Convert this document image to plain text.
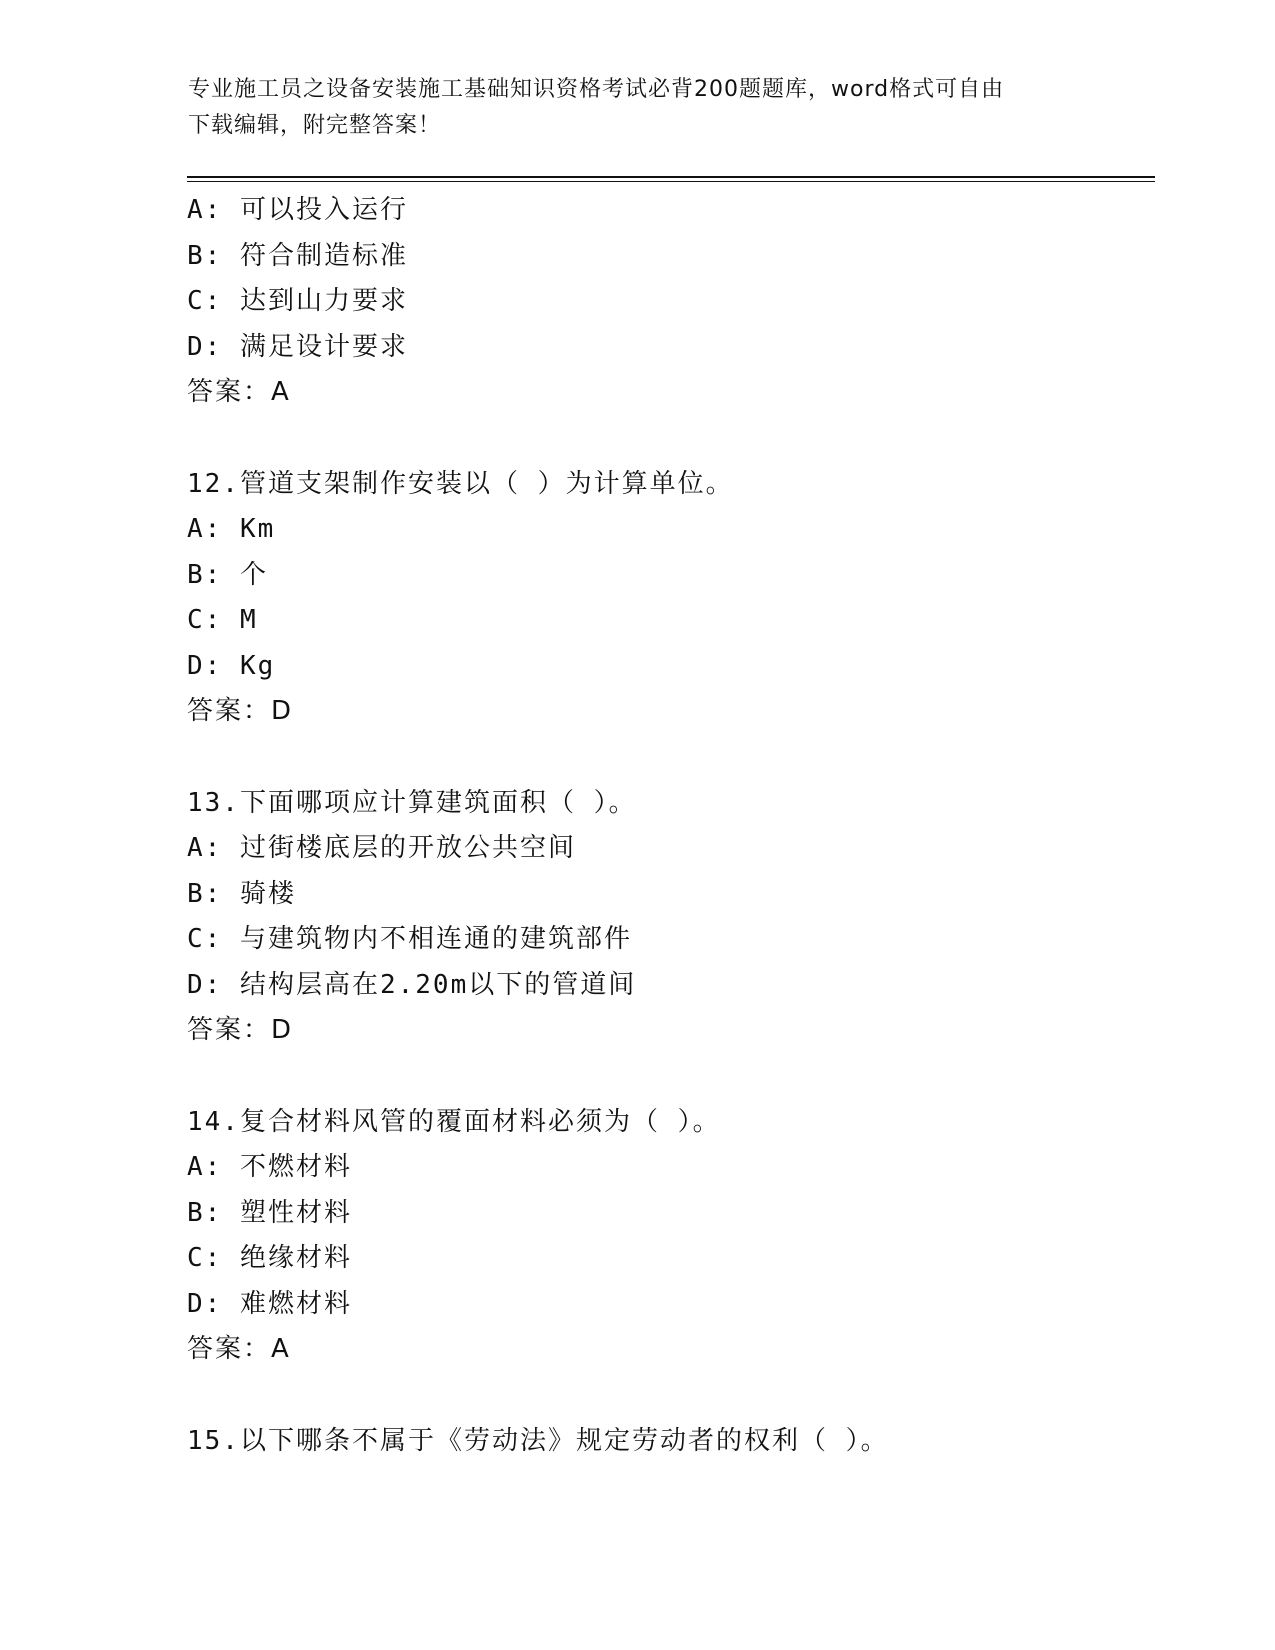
专业施工员之设备安装施工基础知识资格考试必背200题题库，word格式可自由
下载编辑，附完整答案！
A: 可以投入运行
B: 符合制造标准
C: 达到山力要求
D: 满足设计要求
答案：A
12.管道支架制作安装以（ ）为计算单位。
A: Km
B: 个
C: M
D: Kg
答案：D
13.下面哪项应计算建筑面积（ ）。
A: 过街楼底层的开放公共空间
B: 骑楼
C: 与建筑物内不相连通的建筑部件
D: 结构层高在2.20m以下的管道间
答案：D
14.复合材料风管的覆面材料必须为（ ）。
A: 不燃材料
B: 塑性材料
C: 绝缘材料
D: 难燃材料
答案：A
15.以下哪条不属于《劳动法》规定劳动者的权利（ ）。
